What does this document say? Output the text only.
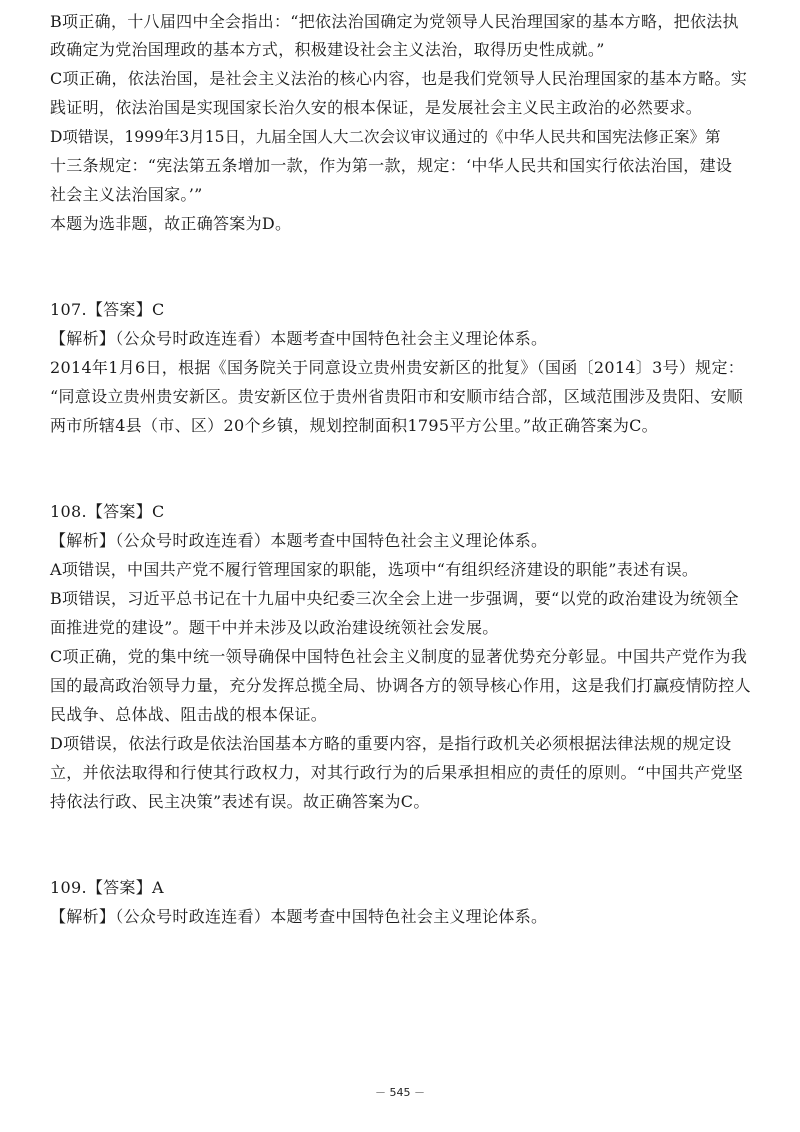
B项正确，十八届四中全会指出：“把依法治国确定为党领导人民治理国家的基本方略，把依法执
政确定为党治国理政的基本方式，积极建设社会主义法治，取得历史性成就。”
C项正确，依法治国，是社会主义法治的核心内容，也是我们党领导人民治理国家的基本方略。实
践证明，依法治国是实现国家长治久安的根本保证，是发展社会主义民主政治的必然要求。
D项错误，1999年3月15日，九届全国人大二次会议审议通过的《中华人民共和国宪法修正案》第
十三条规定：“宪法第五条增加一款，作为第一款，规定：‘中华人民共和国实行依法治国，建设
社会主义法治国家。’”
本题为选非题，故正确答案为D。
107.【答案】C
【解析】（公众号时政连连看）本题考查中国特色社会主义理论体系。
2014年1月6日，根据《国务院关于同意设立贵州贵安新区的批复》（国函〔2014〕3号）规定：
“同意设立贵州贵安新区。贵安新区位于贵州省贵阳市和安顺市结合部，区域范围涉及贵阳、安顺
两市所辖4县（市、区）20个乡镇，规划控制面积1795平方公里。”故正确答案为C。
108.【答案】C
【解析】（公众号时政连连看）本题考查中国特色社会主义理论体系。
A项错误，中国共产党不履行管理国家的职能，选项中“有组织经济建设的职能”表述有误。
B项错误，习近平总书记在十九届中央纪委三次全会上进一步强调，要“以党的政治建设为统领全
面推进党的建设”。题干中并未涉及以政治建设统领社会发展。
C项正确，党的集中统一领导确保中国特色社会主义制度的显著优势充分彰显。中国共产党作为我
国的最高政治领导力量，充分发挥总揽全局、协调各方的领导核心作用，这是我们打赢疫情防控人
民战争、总体战、阻击战的根本保证。
D项错误，依法行政是依法治国基本方略的重要内容，是指行政机关必须根据法律法规的规定设
立，并依法取得和行使其行政权力，对其行政行为的后果承担相应的责任的原则。“中国共产党坚
持依法行政、民主决策”表述有误。故正确答案为C。
109.【答案】A
【解析】（公众号时政连连看）本题考查中国特色社会主义理论体系。
－ 545 －
